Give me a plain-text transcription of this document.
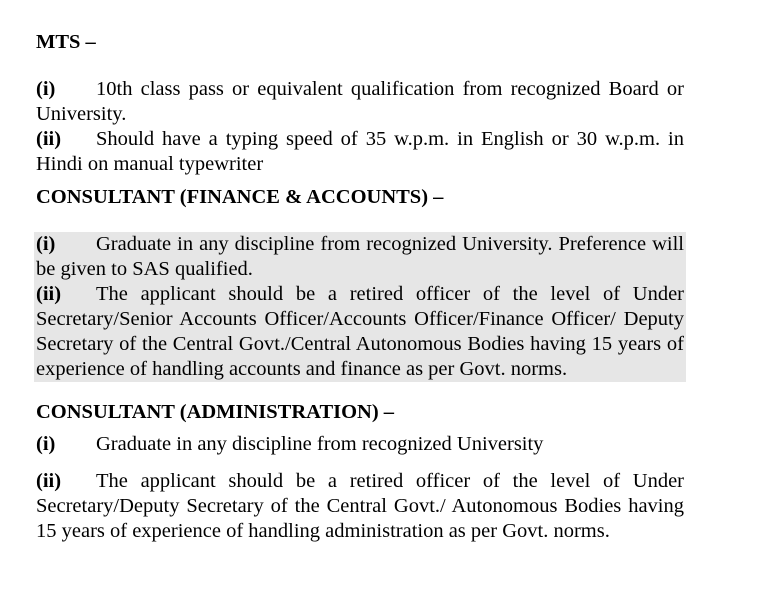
MTS –

(i) 10th class pass or equivalent qualification from recognized Board or University.

(ii) Should have a typing speed of 35 w.p.m. in English or 30 w.p.m. in Hindi on manual typewriter

CONSULTANT (FINANCE & ACCOUNTS) –

(i) Graduate in any discipline from recognized University. Preference will be given to SAS qualified.

(ii) The applicant should be a retired officer of the level of Under Secretary/Senior Accounts Officer/Accounts Officer/Finance Officer/ Deputy Secretary of the Central Govt./Central Autonomous Bodies having 15 years of experience of handling accounts and finance as per Govt. norms.

CONSULTANT (ADMINISTRATION) –

(i) Graduate in any discipline from recognized University

(ii) The applicant should be a retired officer of the level of Under Secretary/Deputy Secretary of the Central Govt./ Autonomous Bodies having 15 years of experience of handling administration as per Govt. norms.
